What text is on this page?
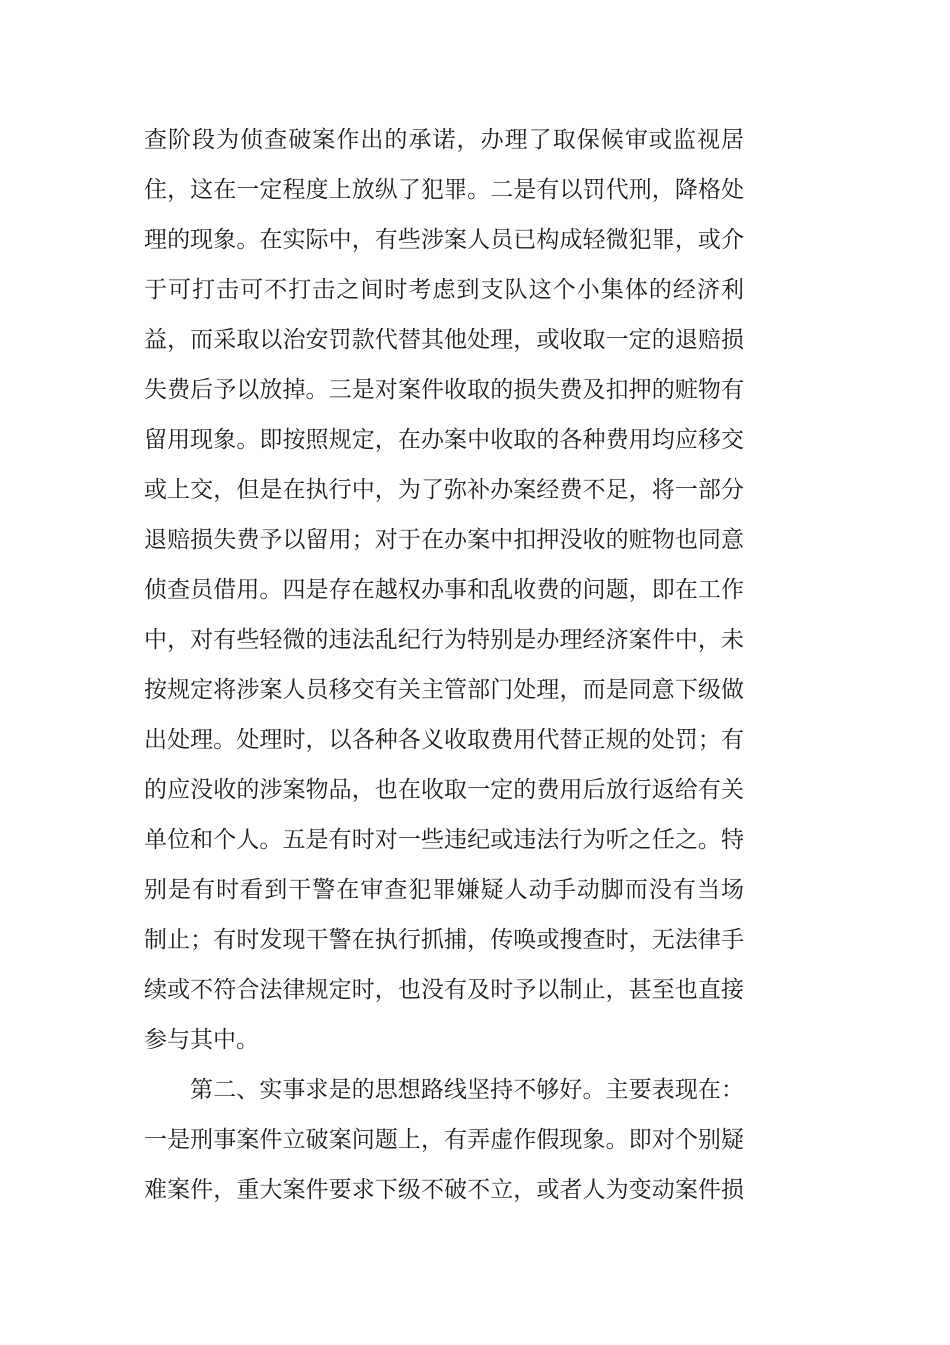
查阶段为侦查破案作出的承诺，办理了取保候审或监视居
住，这在一定程度上放纵了犯罪。二是有以罚代刑，降格处
理的现象。在实际中，有些涉案人员已构成轻微犯罪，或介
于可打击可不打击之间时考虑到支队这个小集体的经济利
益，而采取以治安罚款代替其他处理，或收取一定的退赔损
失费后予以放掉。三是对案件收取的损失费及扣押的赃物有
留用现象。即按照规定，在办案中收取的各种费用均应移交
或上交，但是在执行中，为了弥补办案经费不足，将一部分
退赔损失费予以留用；对于在办案中扣押没收的赃物也同意
侦查员借用。四是存在越权办事和乱收费的问题，即在工作
中，对有些轻微的违法乱纪行为特别是办理经济案件中，未
按规定将涉案人员移交有关主管部门处理，而是同意下级做
出处理。处理时，以各种各义收取费用代替正规的处罚；有
的应没收的涉案物品，也在收取一定的费用后放行返给有关
单位和个人。五是有时对一些违纪或违法行为听之任之。特
别是有时看到干警在审查犯罪嫌疑人动手动脚而没有当场
制止；有时发现干警在执行抓捕，传唤或搜查时，无法律手
续或不符合法律规定时，也没有及时予以制止，甚至也直接
参与其中。
第二、实事求是的思想路线坚持不够好。主要表现在：
一是刑事案件立破案问题上，有弄虚作假现象。即对个别疑
难案件，重大案件要求下级不破不立，或者人为变动案件损
